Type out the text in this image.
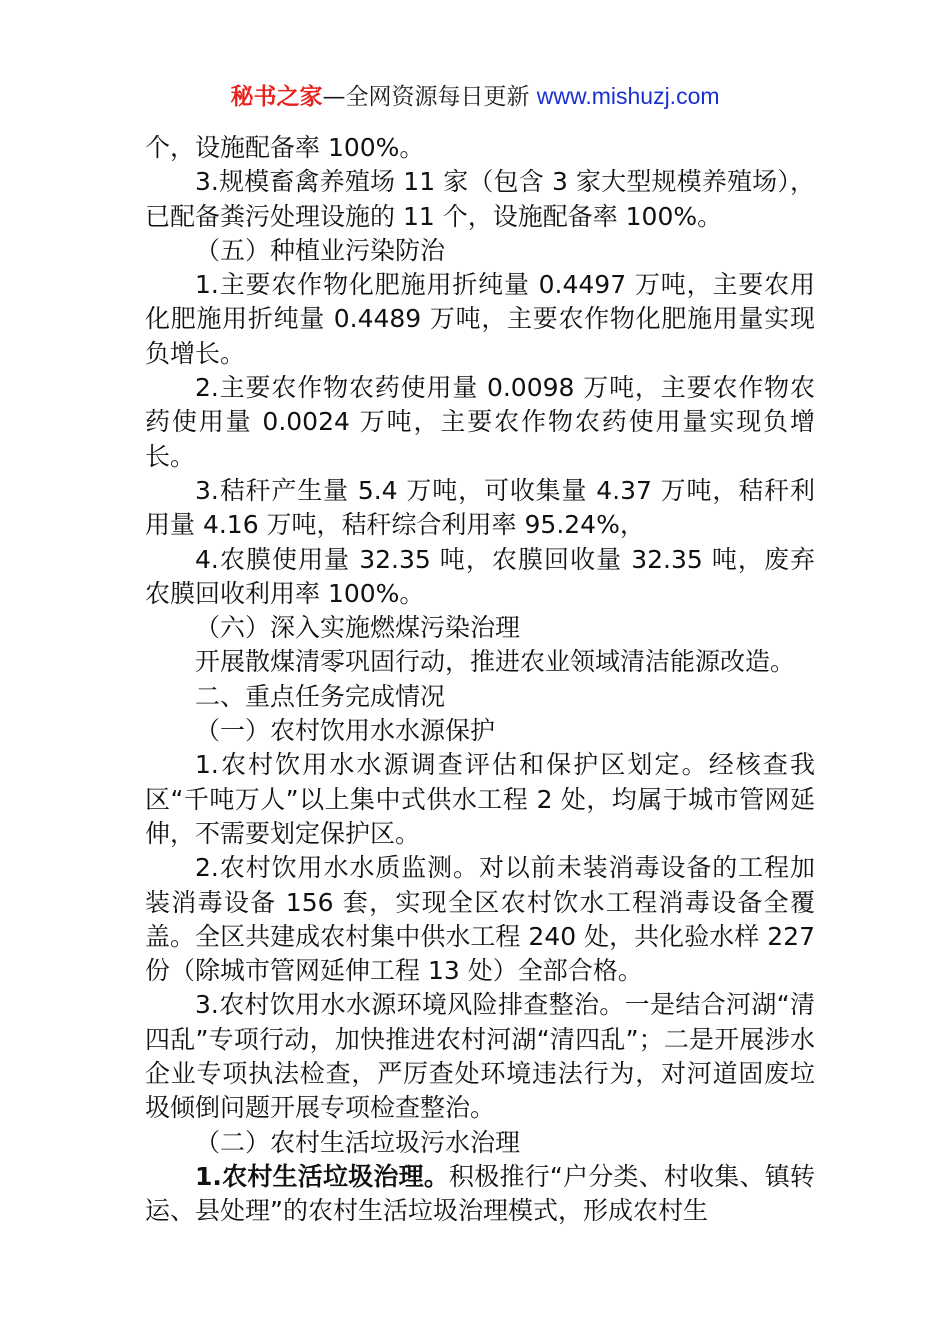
秘书之家—全网资源每日更新 www.mishuzj.com

个，设施配备率 100%。

3.规模畜禽养殖场 11 家（包含 3 家大型规模养殖场），已配备粪污处理设施的 11 个，设施配备率 100%。

（五）种植业污染防治

1.主要农作物化肥施用折纯量 0.4497 万吨，主要农用化肥施用折纯量 0.4489 万吨，主要农作物化肥施用量实现负增长。

2.主要农作物农药使用量 0.0098 万吨，主要农作物农药使用量 0.0024 万吨，主要农作物农药使用量实现负增长。

3.秸秆产生量 5.4 万吨，可收集量 4.37 万吨，秸秆利用量 4.16 万吨，秸秆综合利用率 95.24%，

4.农膜使用量 32.35 吨，农膜回收量 32.35 吨，废弃农膜回收利用率 100%。

（六）深入实施燃煤污染治理

开展散煤清零巩固行动，推进农业领域清洁能源改造。

二、重点任务完成情况

（一）农村饮用水水源保护

1.农村饮用水水源调查评估和保护区划定。经核查我区“千吨万人”以上集中式供水工程 2 处，均属于城市管网延伸，不需要划定保护区。

2.农村饮用水水质监测。对以前未装消毒设备的工程加装消毒设备 156 套，实现全区农村饮水工程消毒设备全覆盖。全区共建成农村集中供水工程 240 处，共化验水样 227 份（除城市管网延伸工程 13 处）全部合格。

3.农村饮用水水源环境风险排查整治。一是结合河湖“清四乱”专项行动，加快推进农村河湖“清四乱”；二是开展涉水企业专项执法检查，严厉查处环境违法行为，对河道固废垃圾倾倒问题开展专项检查整治。

（二）农村生活垃圾污水治理

1.农村生活垃圾治理。积极推行“户分类、村收集、镇转运、县处理”的农村生活垃圾治理模式，形成农村生
